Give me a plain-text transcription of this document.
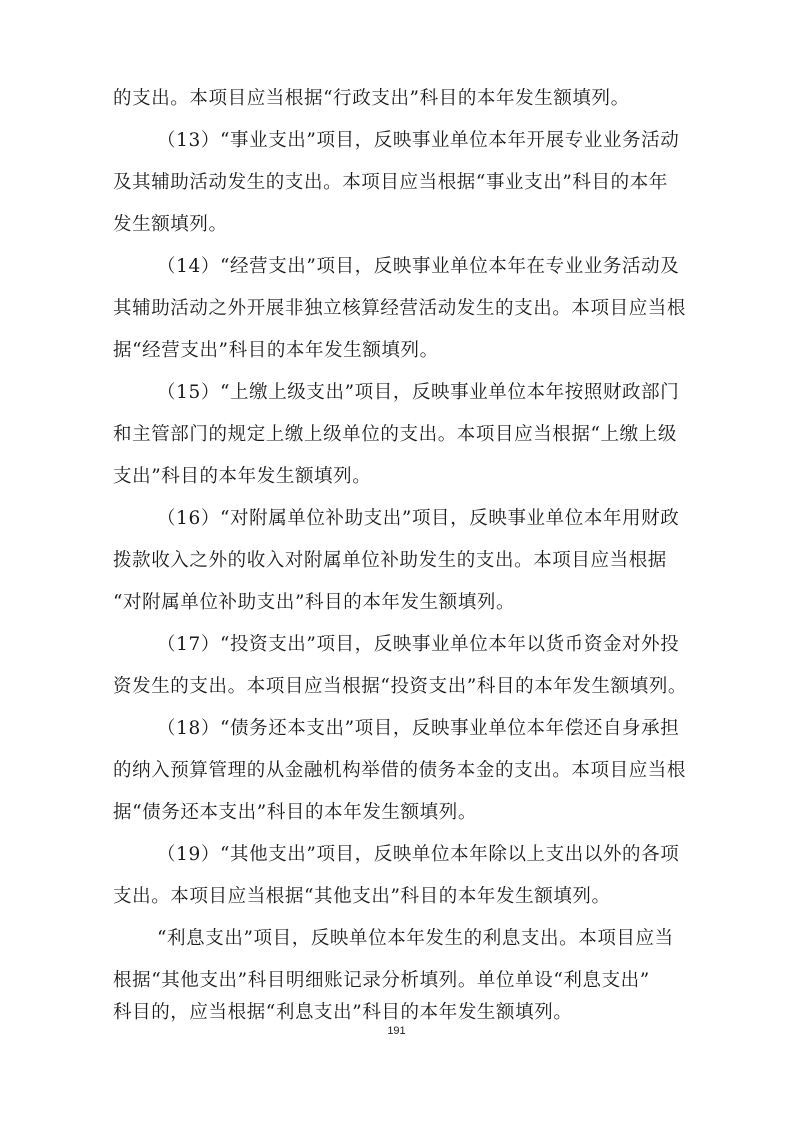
的支出。本项目应当根据“行政支出”科目的本年发生额填列。
（13）“事业支出”项目，反映事业单位本年开展专业业务活动
及其辅助活动发生的支出。本项目应当根据“事业支出”科目的本年
发生额填列。
（14）“经营支出”项目，反映事业单位本年在专业业务活动及
其辅助活动之外开展非独立核算经营活动发生的支出。本项目应当根
据“经营支出”科目的本年发生额填列。
（15）“上缴上级支出”项目，反映事业单位本年按照财政部门
和主管部门的规定上缴上级单位的支出。本项目应当根据“上缴上级
支出”科目的本年发生额填列。
（16）“对附属单位补助支出”项目，反映事业单位本年用财政
拨款收入之外的收入对附属单位补助发生的支出。本项目应当根据
“对附属单位补助支出”科目的本年发生额填列。
（17）“投资支出”项目，反映事业单位本年以货币资金对外投
资发生的支出。本项目应当根据“投资支出”科目的本年发生额填列。
（18）“债务还本支出”项目，反映事业单位本年偿还自身承担
的纳入预算管理的从金融机构举借的债务本金的支出。本项目应当根
据“债务还本支出”科目的本年发生额填列。
（19）“其他支出”项目，反映单位本年除以上支出以外的各项
支出。本项目应当根据“其他支出”科目的本年发生额填列。
“利息支出”项目，反映单位本年发生的利息支出。本项目应当
根据“其他支出”科目明细账记录分析填列。单位单设“利息支出”
科目的，应当根据“利息支出”科目的本年发生额填列。
191
